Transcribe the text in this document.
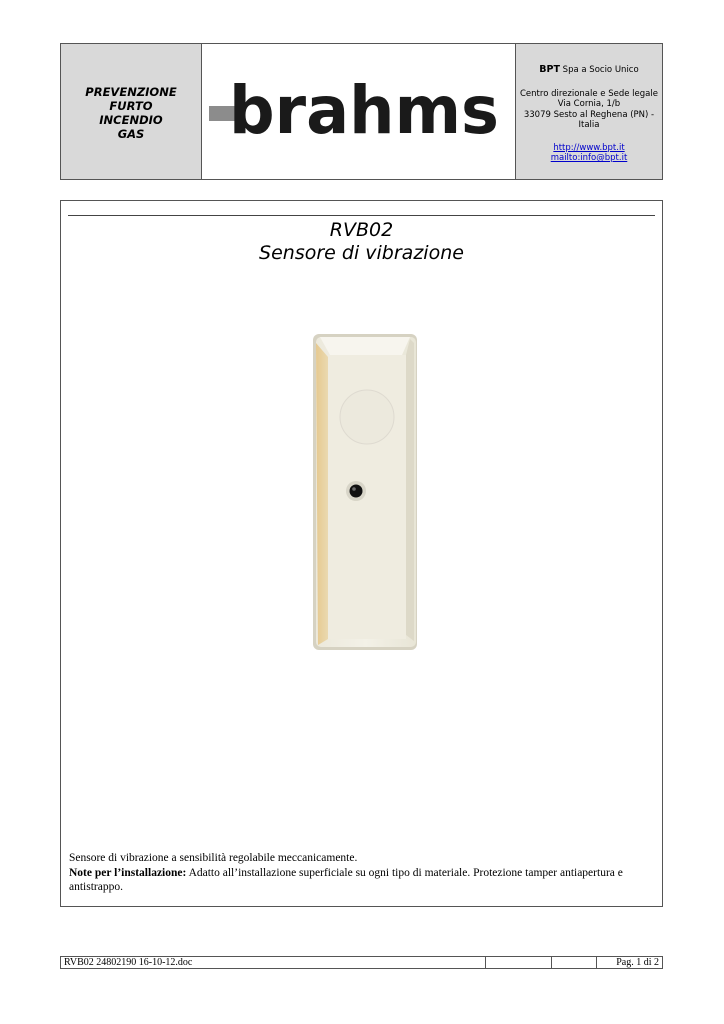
PREVENZIONE
FURTO
INCENDIO
GAS brahms
BPT Spa a Socio Unico
Centro direzionale e Sede legale
Via Cornia, 1/b
33079 Sesto al Reghena (PN) - Italia
http://www.bpt.it
mailto:info@bpt.it
RVB02
Sensore di vibrazione
Sensore di vibrazione a sensibilità regolabile meccanicamente.
Note per l’installazione: Adatto all’installazione superficiale su ogni tipo di materiale. Protezione tamper antiapertura e antistrappo.
RVB02 24802190 16-10-12.doc	Pag. 1 di 2
